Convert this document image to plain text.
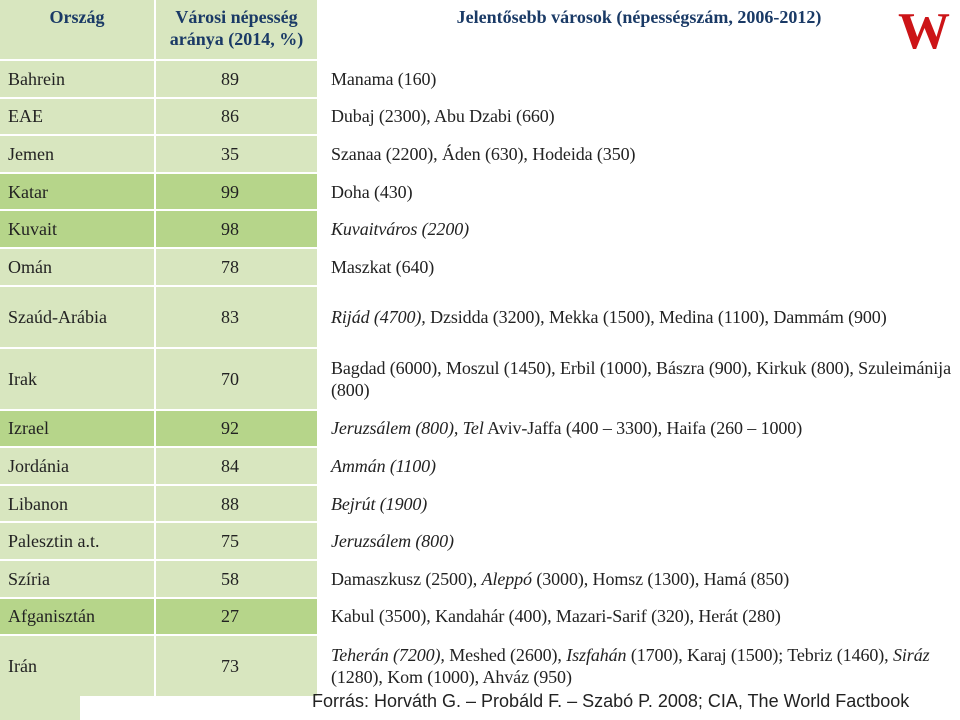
Ország	Városi népesség aránya (2014, %)	Jelentősebb városok (népességszám, 2006-2012)
Bahrein	89	Manama (160)
EAE	86	Dubaj (2300), Abu Dzabi (660)
Jemen	35	Szanaa (2200), Áden (630), Hodeida (350)
Katar	99	Doha (430)
Kuvait	98	Kuvaitváros (2200)
Omán	78	Maszkat (640)
Szaúd-Arábia	83	Rijád (4700), Dzsidda (3200), Mekka (1500), Medina (1100), Dammám (900)
Irak	70	Bagdad (6000), Moszul (1450), Erbil (1000), Bászra (900), Kirkuk (800), Szuleimánija (800)
Izrael	92	Jeruzsálem (800), Tel Aviv-Jaffa (400 – 3300), Haifa (260 – 1000)
Jordánia	84	Ammán (1100)
Libanon	88	Bejrút (1900)
Palesztin a.t.	75	Jeruzsálem (800)
Szíria	58	Damaszkusz (2500), Aleppó (3000), Homsz (1300), Hamá (850)
Afganisztán	27	Kabul (3500), Kandahár (400), Mazari-Sarif (320), Herát (280)
Irán	73	Teherán (7200), Meshed (2600), Iszfahán (1700), Karaj (1500); Tebriz (1460), Siráz (1280), Kom (1000), Ahváz (950)
W
Forrás: Horváth G. – Probáld F. – Szabó P. 2008; CIA, The World Factbook
